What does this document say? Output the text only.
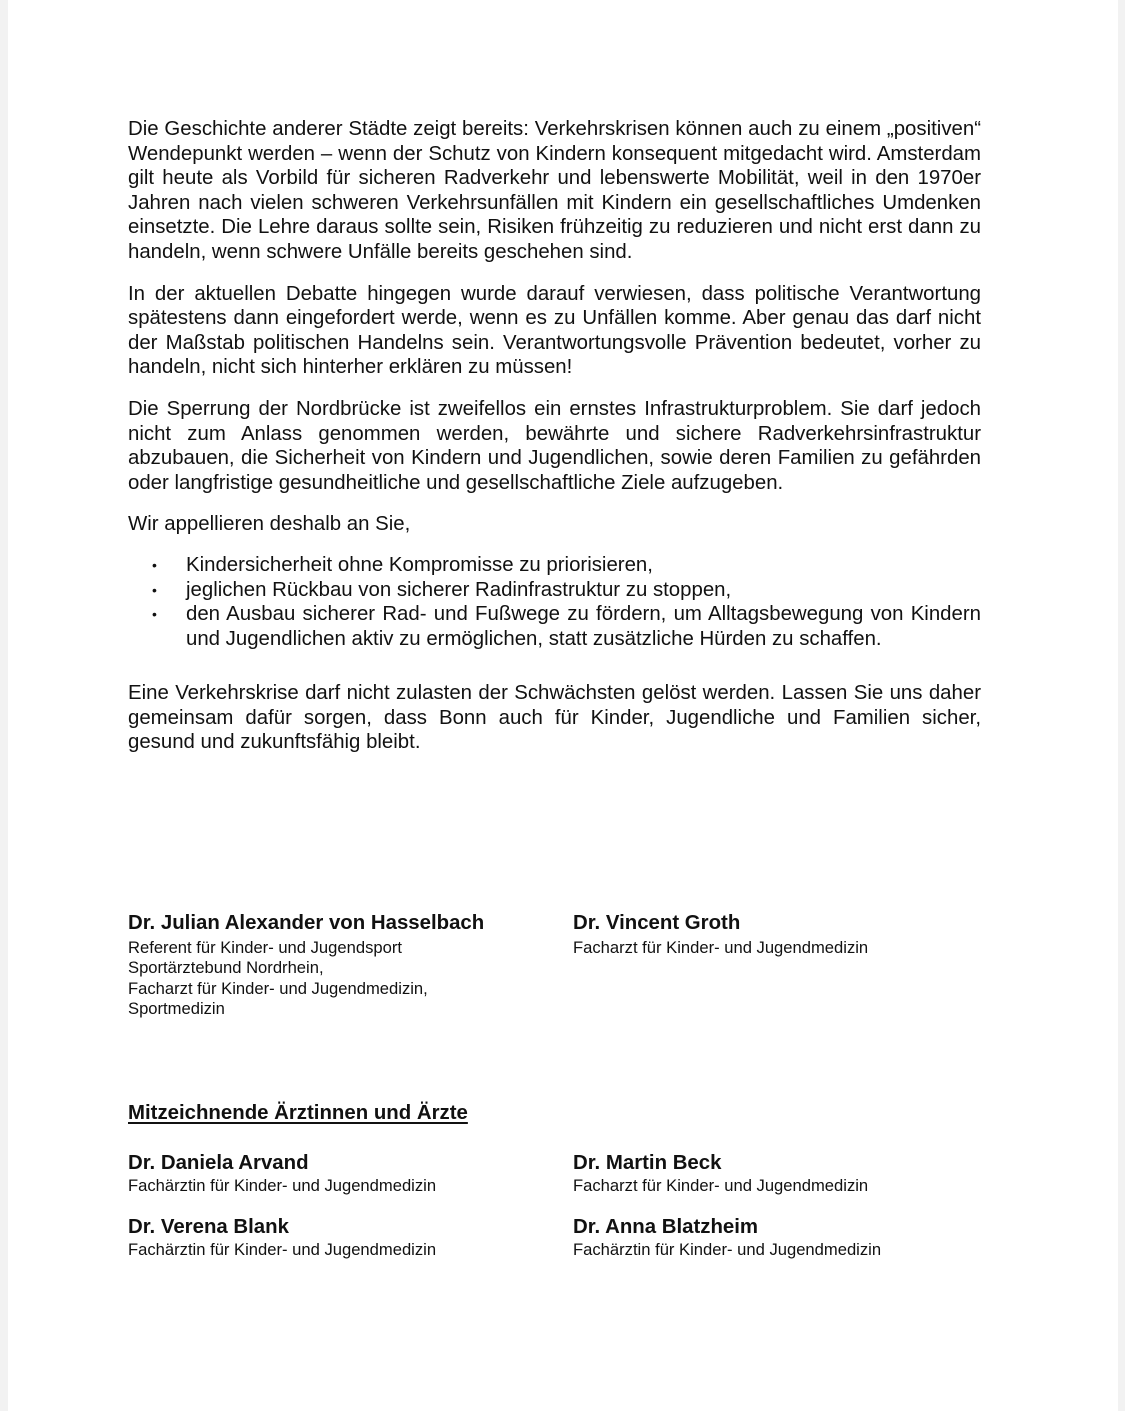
Die Geschichte anderer Städte zeigt bereits: Verkehrskrisen können auch zu einem „positiven“ Wendepunkt werden – wenn der Schutz von Kindern konsequent mitgedacht wird. Amsterdam gilt heute als Vorbild für sicheren Radverkehr und lebenswerte Mobilität, weil in den 1970er Jahren nach vielen schweren Verkehrsunfällen mit Kindern ein gesellschaftliches Umdenken einsetzte. Die Lehre daraus sollte sein, Risiken frühzeitig zu reduzieren und nicht erst dann zu handeln, wenn schwere Unfälle bereits geschehen sind.

In der aktuellen Debatte hingegen wurde darauf verwiesen, dass politische Verantwortung spätestens dann eingefordert werde, wenn es zu Unfällen komme. Aber genau das darf nicht der Maßstab politischen Handelns sein. Verantwortungsvolle Prävention bedeutet, vorher zu handeln, nicht sich hinterher erklären zu müssen!

Die Sperrung der Nordbrücke ist zweifellos ein ernstes Infrastrukturproblem. Sie darf jedoch nicht zum Anlass genommen werden, bewährte und sichere Radverkehrsinfrastruktur abzubauen, die Sicherheit von Kindern und Jugendlichen, sowie deren Familien zu gefährden oder langfristige gesundheitliche und gesellschaftliche Ziele aufzugeben.

Wir appellieren deshalb an Sie,

• Kindersicherheit ohne Kompromisse zu priorisieren,
• jeglichen Rückbau von sicherer Radinfrastruktur zu stoppen,
• den Ausbau sicherer Rad- und Fußwege zu fördern, um Alltagsbewegung von Kindern und Jugendlichen aktiv zu ermöglichen, statt zusätzliche Hürden zu schaffen.

Eine Verkehrskrise darf nicht zulasten der Schwächsten gelöst werden. Lassen Sie uns daher gemeinsam dafür sorgen, dass Bonn auch für Kinder, Jugendliche und Familien sicher, gesund und zukunftsfähig bleibt.

Dr. Julian Alexander von Hasselbach
Referent für Kinder- und Jugendsport
Sportärztebund Nordrhein,
Facharzt für Kinder- und Jugendmedizin,
Sportmedizin
Dr. Vincent Groth
Facharzt für Kinder- und Jugendmedizin
Mitzeichnende Ärztinnen und Ärzte
Dr. Daniela Arvand
Fachärztin für Kinder- und Jugendmedizin
Dr. Martin Beck
Facharzt für Kinder- und Jugendmedizin
Dr. Verena Blank
Fachärztin für Kinder- und Jugendmedizin
Dr. Anna Blatzheim
Fachärztin für Kinder- und Jugendmedizin
